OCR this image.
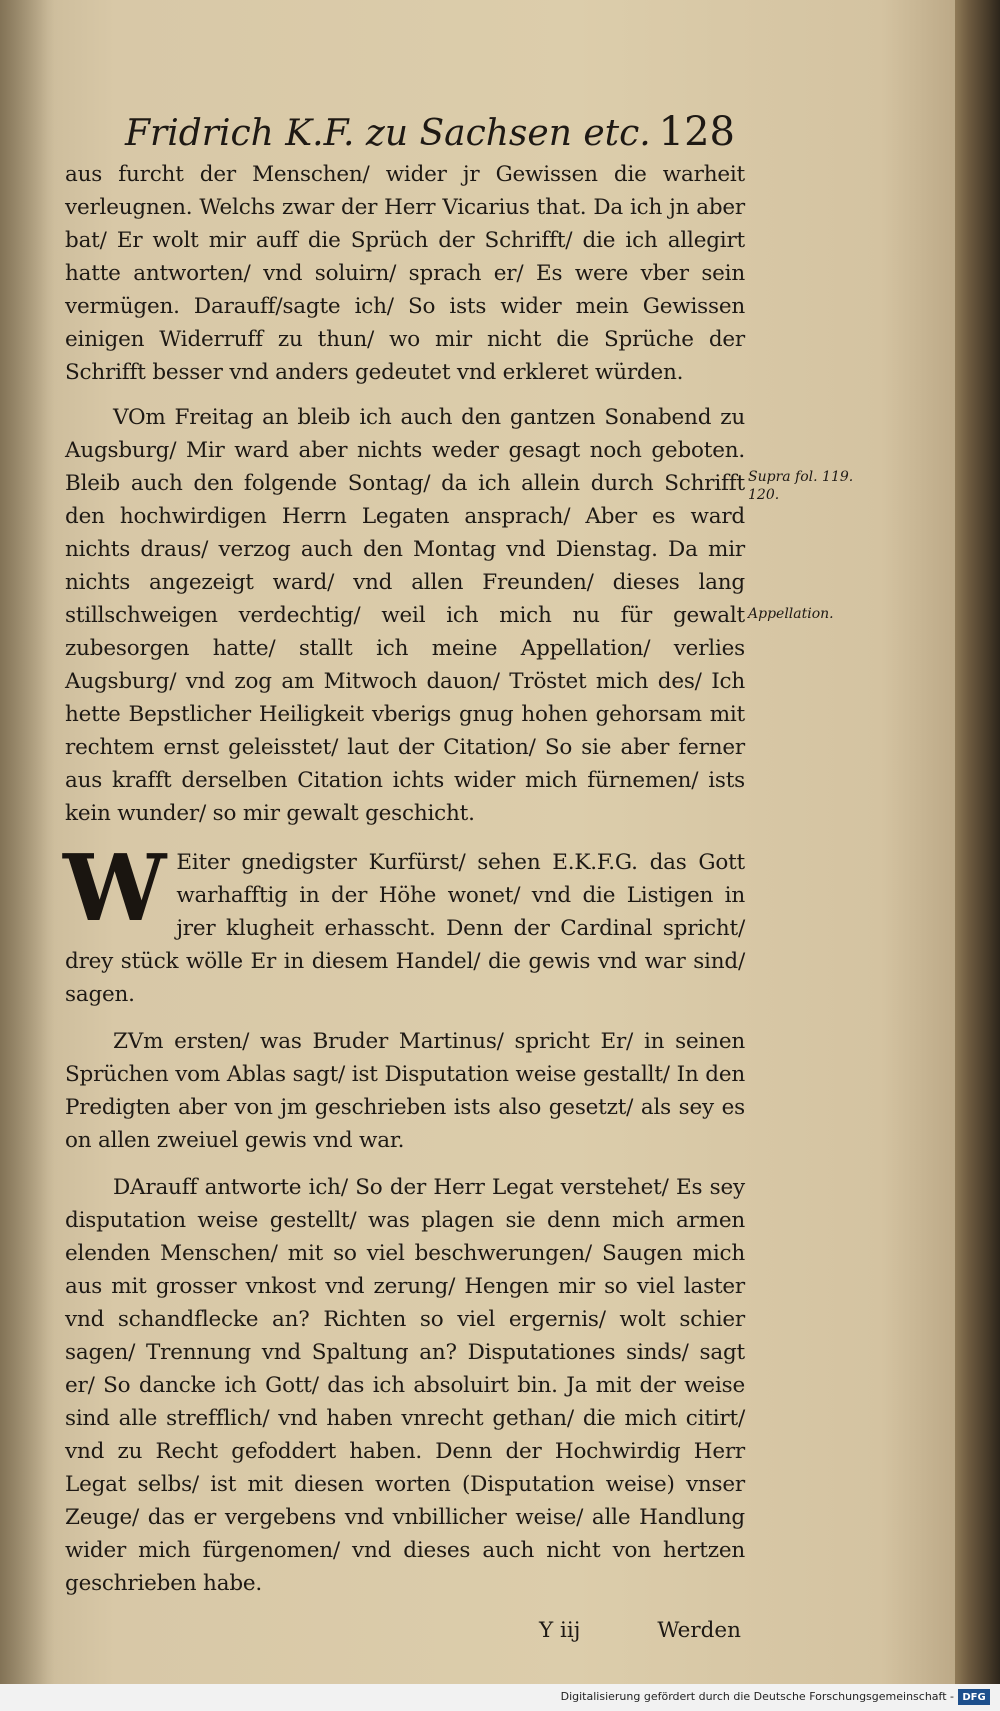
Fridrich K.F. zu Sachsen etc. 128

aus furcht der Menschen/ wider jr Gewissen die warheit verleugnen. Welchs zwar der Herr Vicarius that. Da ich jn aber bat/ Er wolt mir auff die Sprüch der Schrifft/ die ich allegirt hatte antworten/ vnd soluirn/ sprach er/ Es were vber sein vermügen. Darauff/sagte ich/ So ists wider mein Gewissen einigen Widerruff zu thun/ wo mir nicht die Sprüche der Schrifft besser vnd anders gedeutet vnd erkleret würden.

VOm Freitag an bleib ich auch den gantzen Sonabend zu Augsburg/ Mir ward aber nichts weder gesagt noch geboten. Bleib auch den folgende Sontag/ da ich allein durch Schrifft den hochwirdigen Herrn Legaten ansprach/ Aber es ward nichts draus/ verzog auch den Montag vnd Dienstag. Da mir nichts angezeigt ward/ vnd allen Freunden/ dieses lang stillschweigen verdechtig/ weil ich mich nu für gewalt zubesorgen hatte/ stallt ich meine Appellation/ verlies Augsburg/ vnd zog am Mitwoch dauon/ Tröstet mich des/ Ich hette Bepstlicher Heiligkeit vberigs gnug hohen gehorsam mit rechtem ernst geleisstet/ laut der Citation/ So sie aber ferner aus krafft derselben Citation ichts wider mich fürnemen/ ists kein wunder/ so mir gewalt geschicht.

W Eiter gnedigster Kurfürst/ sehen E.K.F.G. das Gott warhafftig in der Höhe wonet/ vnd die Listigen in jrer klugheit erhasscht. Denn der Cardinal spricht/ drey stück wölle Er in diesem Handel/ die gewis vnd war sind/ sagen.

ZVm ersten/ was Bruder Martinus/ spricht Er/ in seinen Sprüchen vom Ablas sagt/ ist Disputation weise gestallt/ In den Predigten aber von jm geschrieben ists also gesetzt/ als sey es on allen zweiuel gewis vnd war.

DArauff antworte ich/ So der Herr Legat verstehet/ Es sey disputation weise gestellt/ was plagen sie denn mich armen elenden Menschen/ mit so viel beschwerungen/ Saugen mich aus mit grosser vnkost vnd zerung/ Hengen mir so viel laster vnd schandflecke an? Richten so viel ergernis/ wolt schier sagen/ Trennung vnd Spaltung an? Disputationes sinds/ sagt er/ So dancke ich Gott/ das ich absoluirt bin. Ja mit der weise sind alle strefflich/ vnd haben vnrecht gethan/ die mich citirt/ vnd zu Recht gefoddert haben. Denn der Hochwirdig Herr Legat selbs/ ist mit diesen worten (Disputation weise) vnser Zeuge/ das er vergebens vnd vnbillicher weise/ alle Handlung wider mich fürgenomen/ vnd dieses auch nicht von hertzen geschrieben habe.

Y iij	Werden
Supra fol. 119. 120.
Appellation.
Digitalisierung gefördert durch die Deutsche Forschungsgemeinschaft - DFG
